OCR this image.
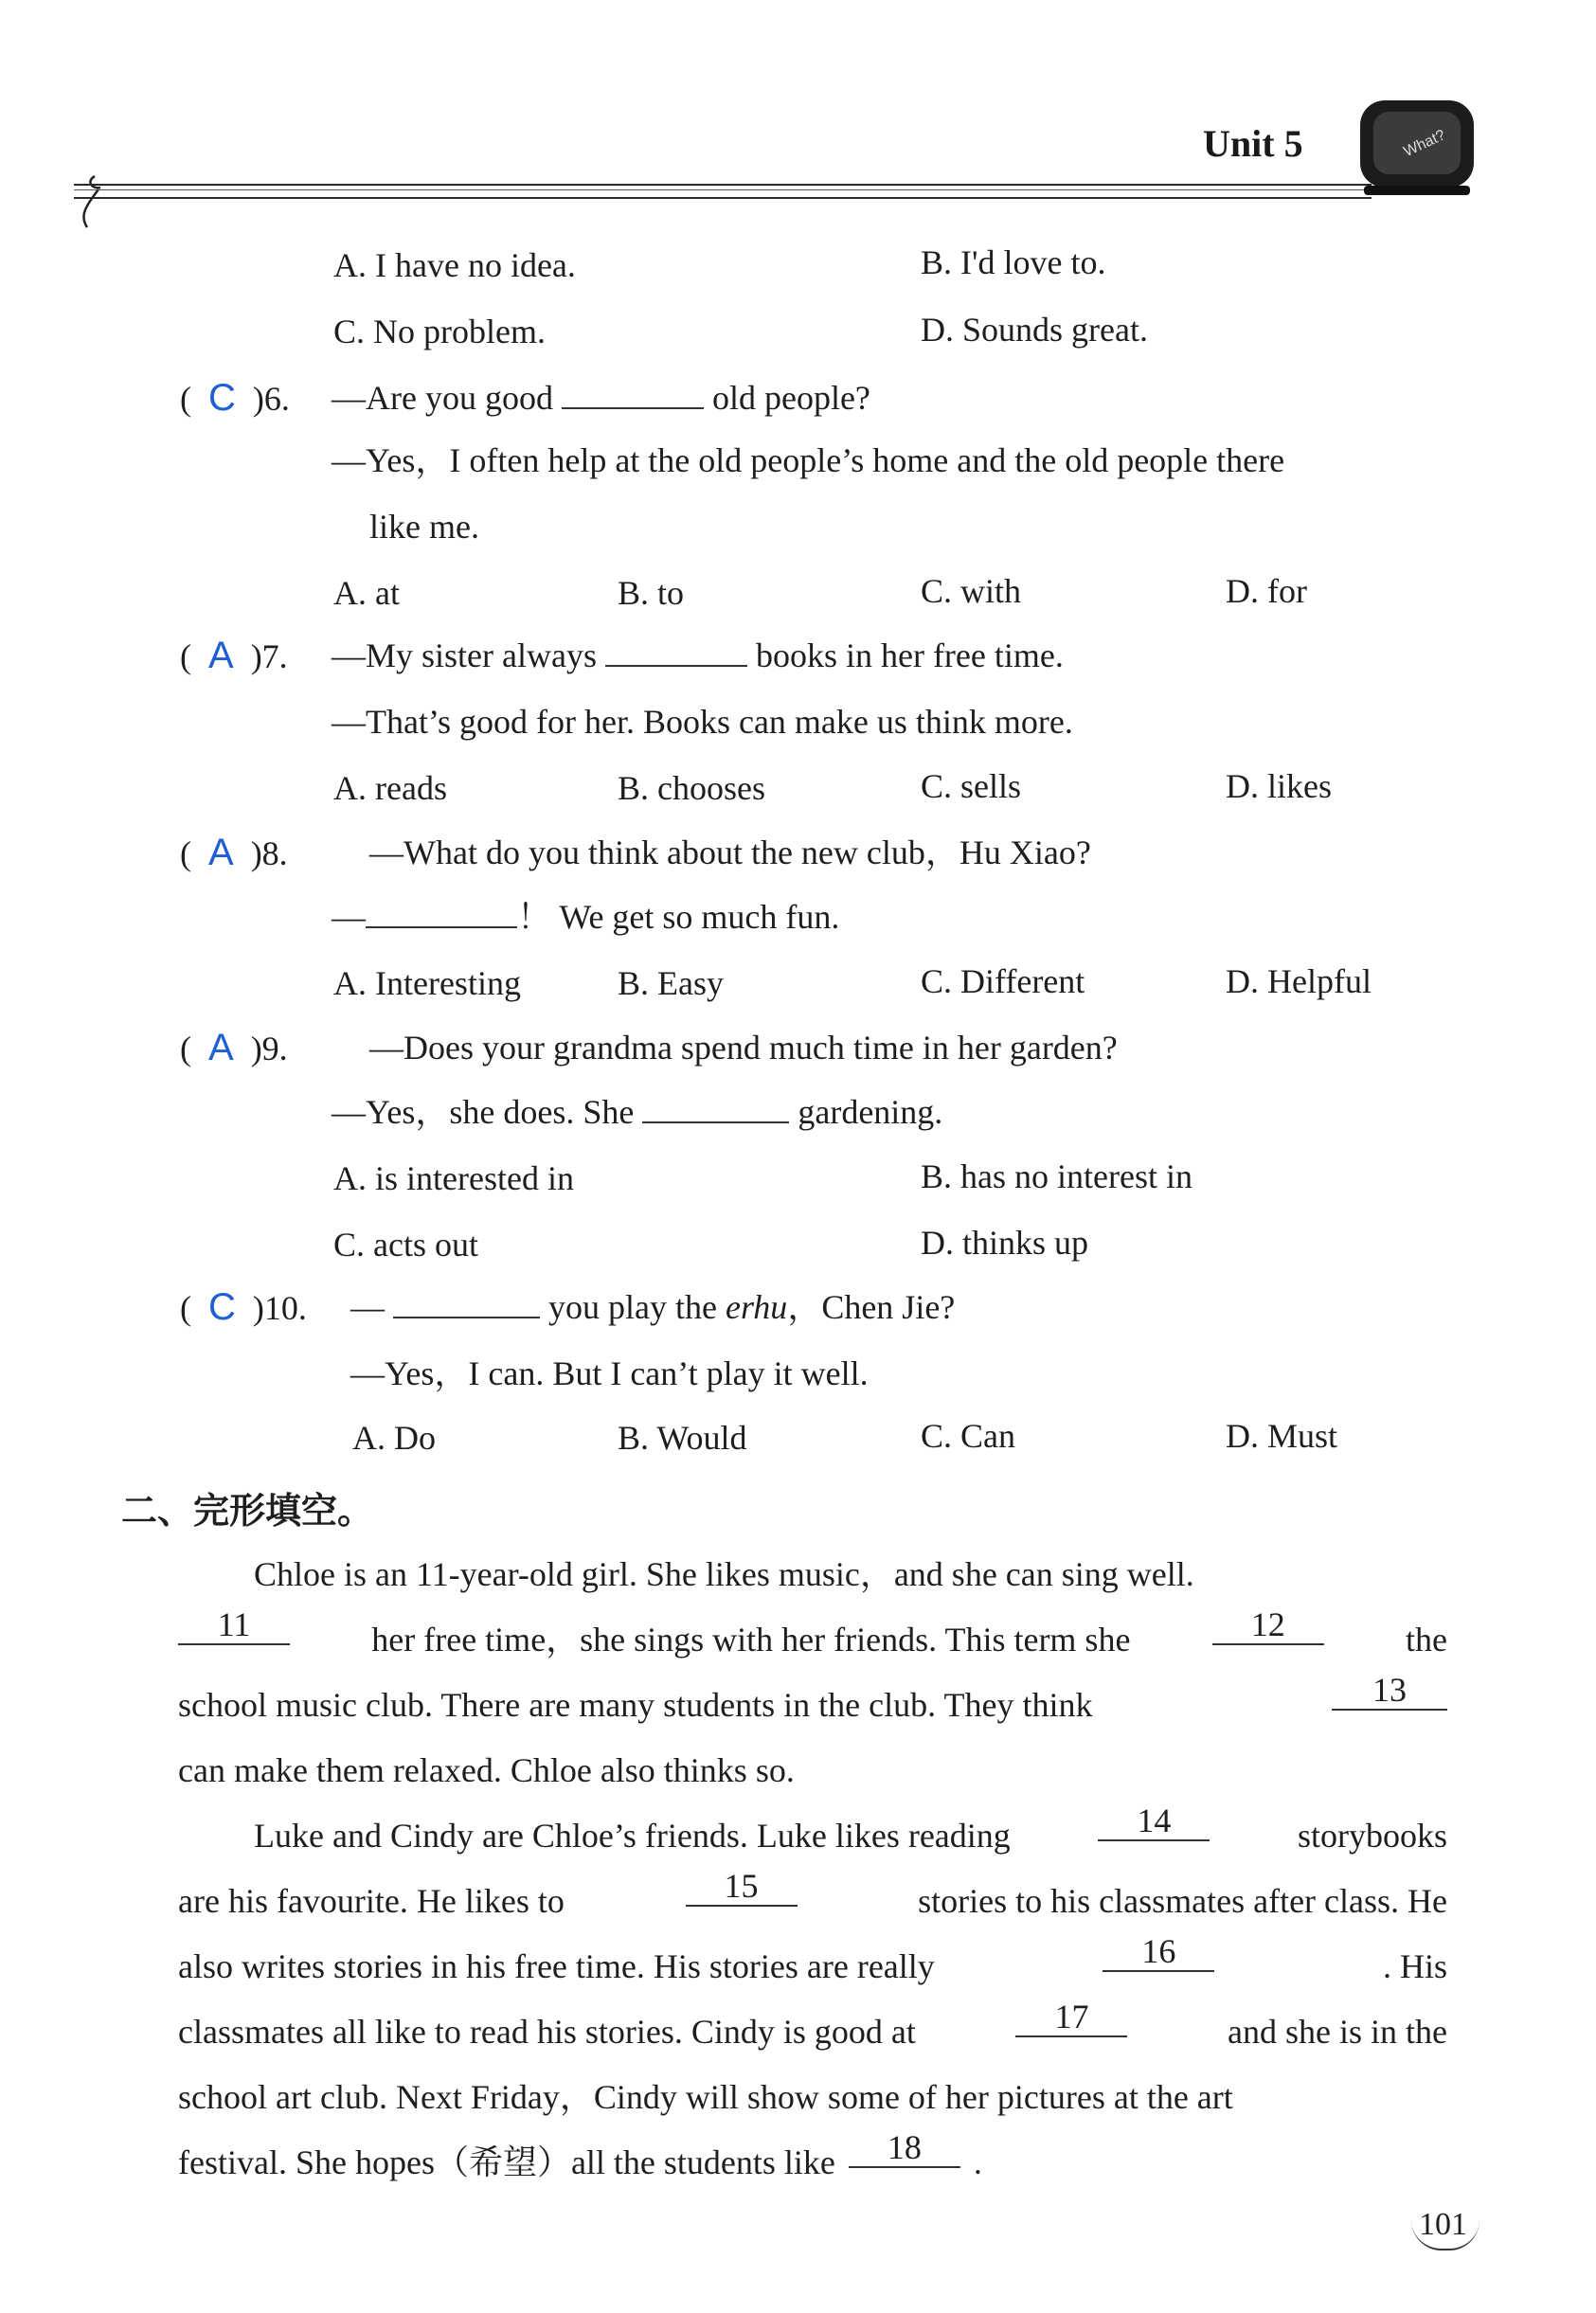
Unit 5	What?
A. I have no idea.	B. I'd love to.
C. No problem.	D. Sounds great.
(  C )6. —Are you good	old people?
—Yes，I often help at the old people’s home and the old people there
like me.
A. at	B. to	C. with	D. for
(  A )7. —My sister always	books in her free time.
—That’s good for her. Books can make us think more.
A. reads	B. chooses	C. sells	D. likes
(  A )8. —What do you think about the new club，Hu Xiao?
—	！ We get so much fun.
A. Interesting	B. Easy	C. Different	D. Helpful
(  A )9. —Does your grandma spend much time in her garden?
—Yes，she does. She	gardening.
A. is interested in	B. has no interest in
C. acts out	D. thinks up
(  C )10. —	you play the erhu，Chen Jie?
—Yes，I can. But I can’t play it well.
A. Do	B. Would	C. Can	D. Must
二、完形填空。
Chloe is an 11-year-old girl. She likes music，and she can sing well.
11	her free time，she sings with her friends. This term she	12	the
school music club. There are many students in the club. They think	13
can make them relaxed. Chloe also thinks so.
Luke and Cindy are Chloe’s friends. Luke likes reading	14	storybooks
are his favourite. He likes to	15	stories to his classmates after class. He
also writes stories in his free time. His stories are really	16	. His
classmates all like to read his stories. Cindy is good at	17	and she is in the
school art club. Next Friday，Cindy will show some of her pictures at the art
festival. She hopes（希望）all the students like	18	.
101
